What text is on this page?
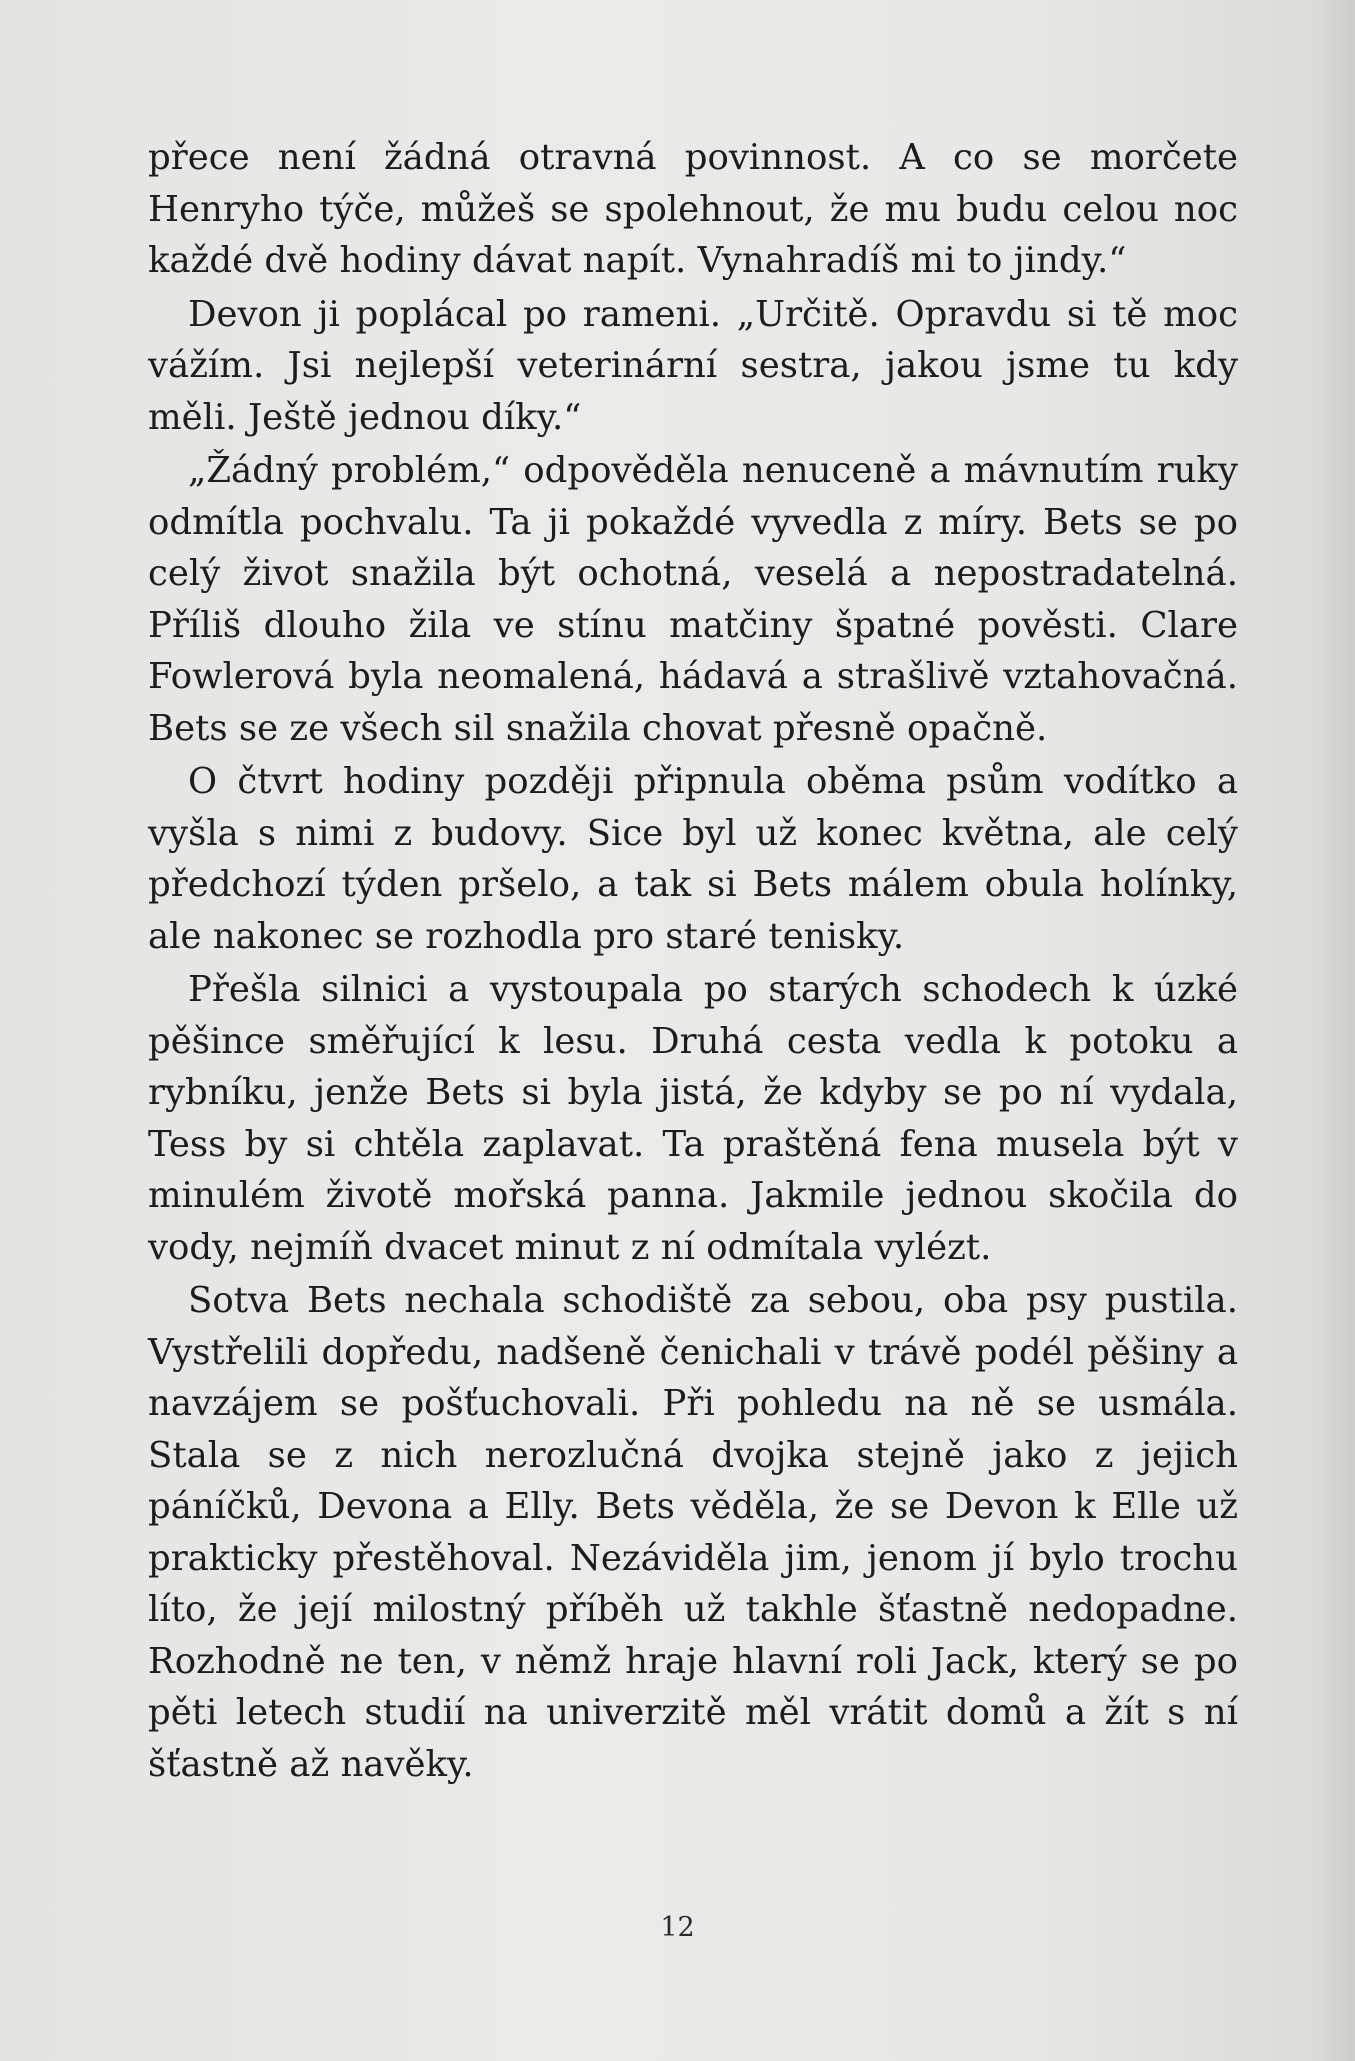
přece není žádná otravná povinnost. A co se morčete Henryho týče, můžeš se spolehnout, že mu budu celou noc každé dvě hodiny dávat napít. Vynahradíš mi to jindy.“

Devon ji poplácal po rameni. „Určitě. Opravdu si tě moc vážím. Jsi nejlepší veterinární sestra, jakou jsme tu kdy měli. Ještě jednou díky.“

„Žádný problém,“ odpověděla nenuceně a mávnutím ruky odmítla pochvalu. Ta ji pokaždé vyvedla z míry. Bets se po celý život snažila být ochotná, veselá a nepostradatelná. Příliš dlouho žila ve stínu matčiny špatné pověsti. Clare Fowlerová byla neomalená, hádavá a strašlivě vztahovačná. Bets se ze všech sil snažila chovat přesně opačně.

O čtvrt hodiny později připnula oběma psům vodítko a vyšla s nimi z budovy. Sice byl už konec května, ale celý předchozí týden pršelo, a tak si Bets málem obula holínky, ale nakonec se rozhodla pro staré tenisky.

Přešla silnici a vystoupala po starých schodech k úzké pěšince směřující k lesu. Druhá cesta vedla k potoku a rybníku, jenže Bets si byla jistá, že kdyby se po ní vydala, Tess by si chtěla zaplavat. Ta praštěná fena musela být v minulém životě mořská panna. Jakmile jednou skočila do vody, nejmíň dvacet minut z ní odmítala vylézt.

Sotva Bets nechala schodiště za sebou, oba psy pustila. Vystřelili dopředu, nadšeně čenichali v trávě podél pěšiny a navzájem se pošťuchovali. Při pohledu na ně se usmála. Stala se z nich nerozlučná dvojka stejně jako z jejich páníčků, Devona a Elly. Bets věděla, že se Devon k Elle už prakticky přestěhoval. Nezáviděla jim, jenom jí bylo trochu líto, že její milostný příběh už takhle šťastně nedopadne. Rozhodně ne ten, v němž hraje hlavní roli Jack, který se po pěti letech studií na univerzitě měl vrátit domů a žít s ní šťastně až navěky.

12
